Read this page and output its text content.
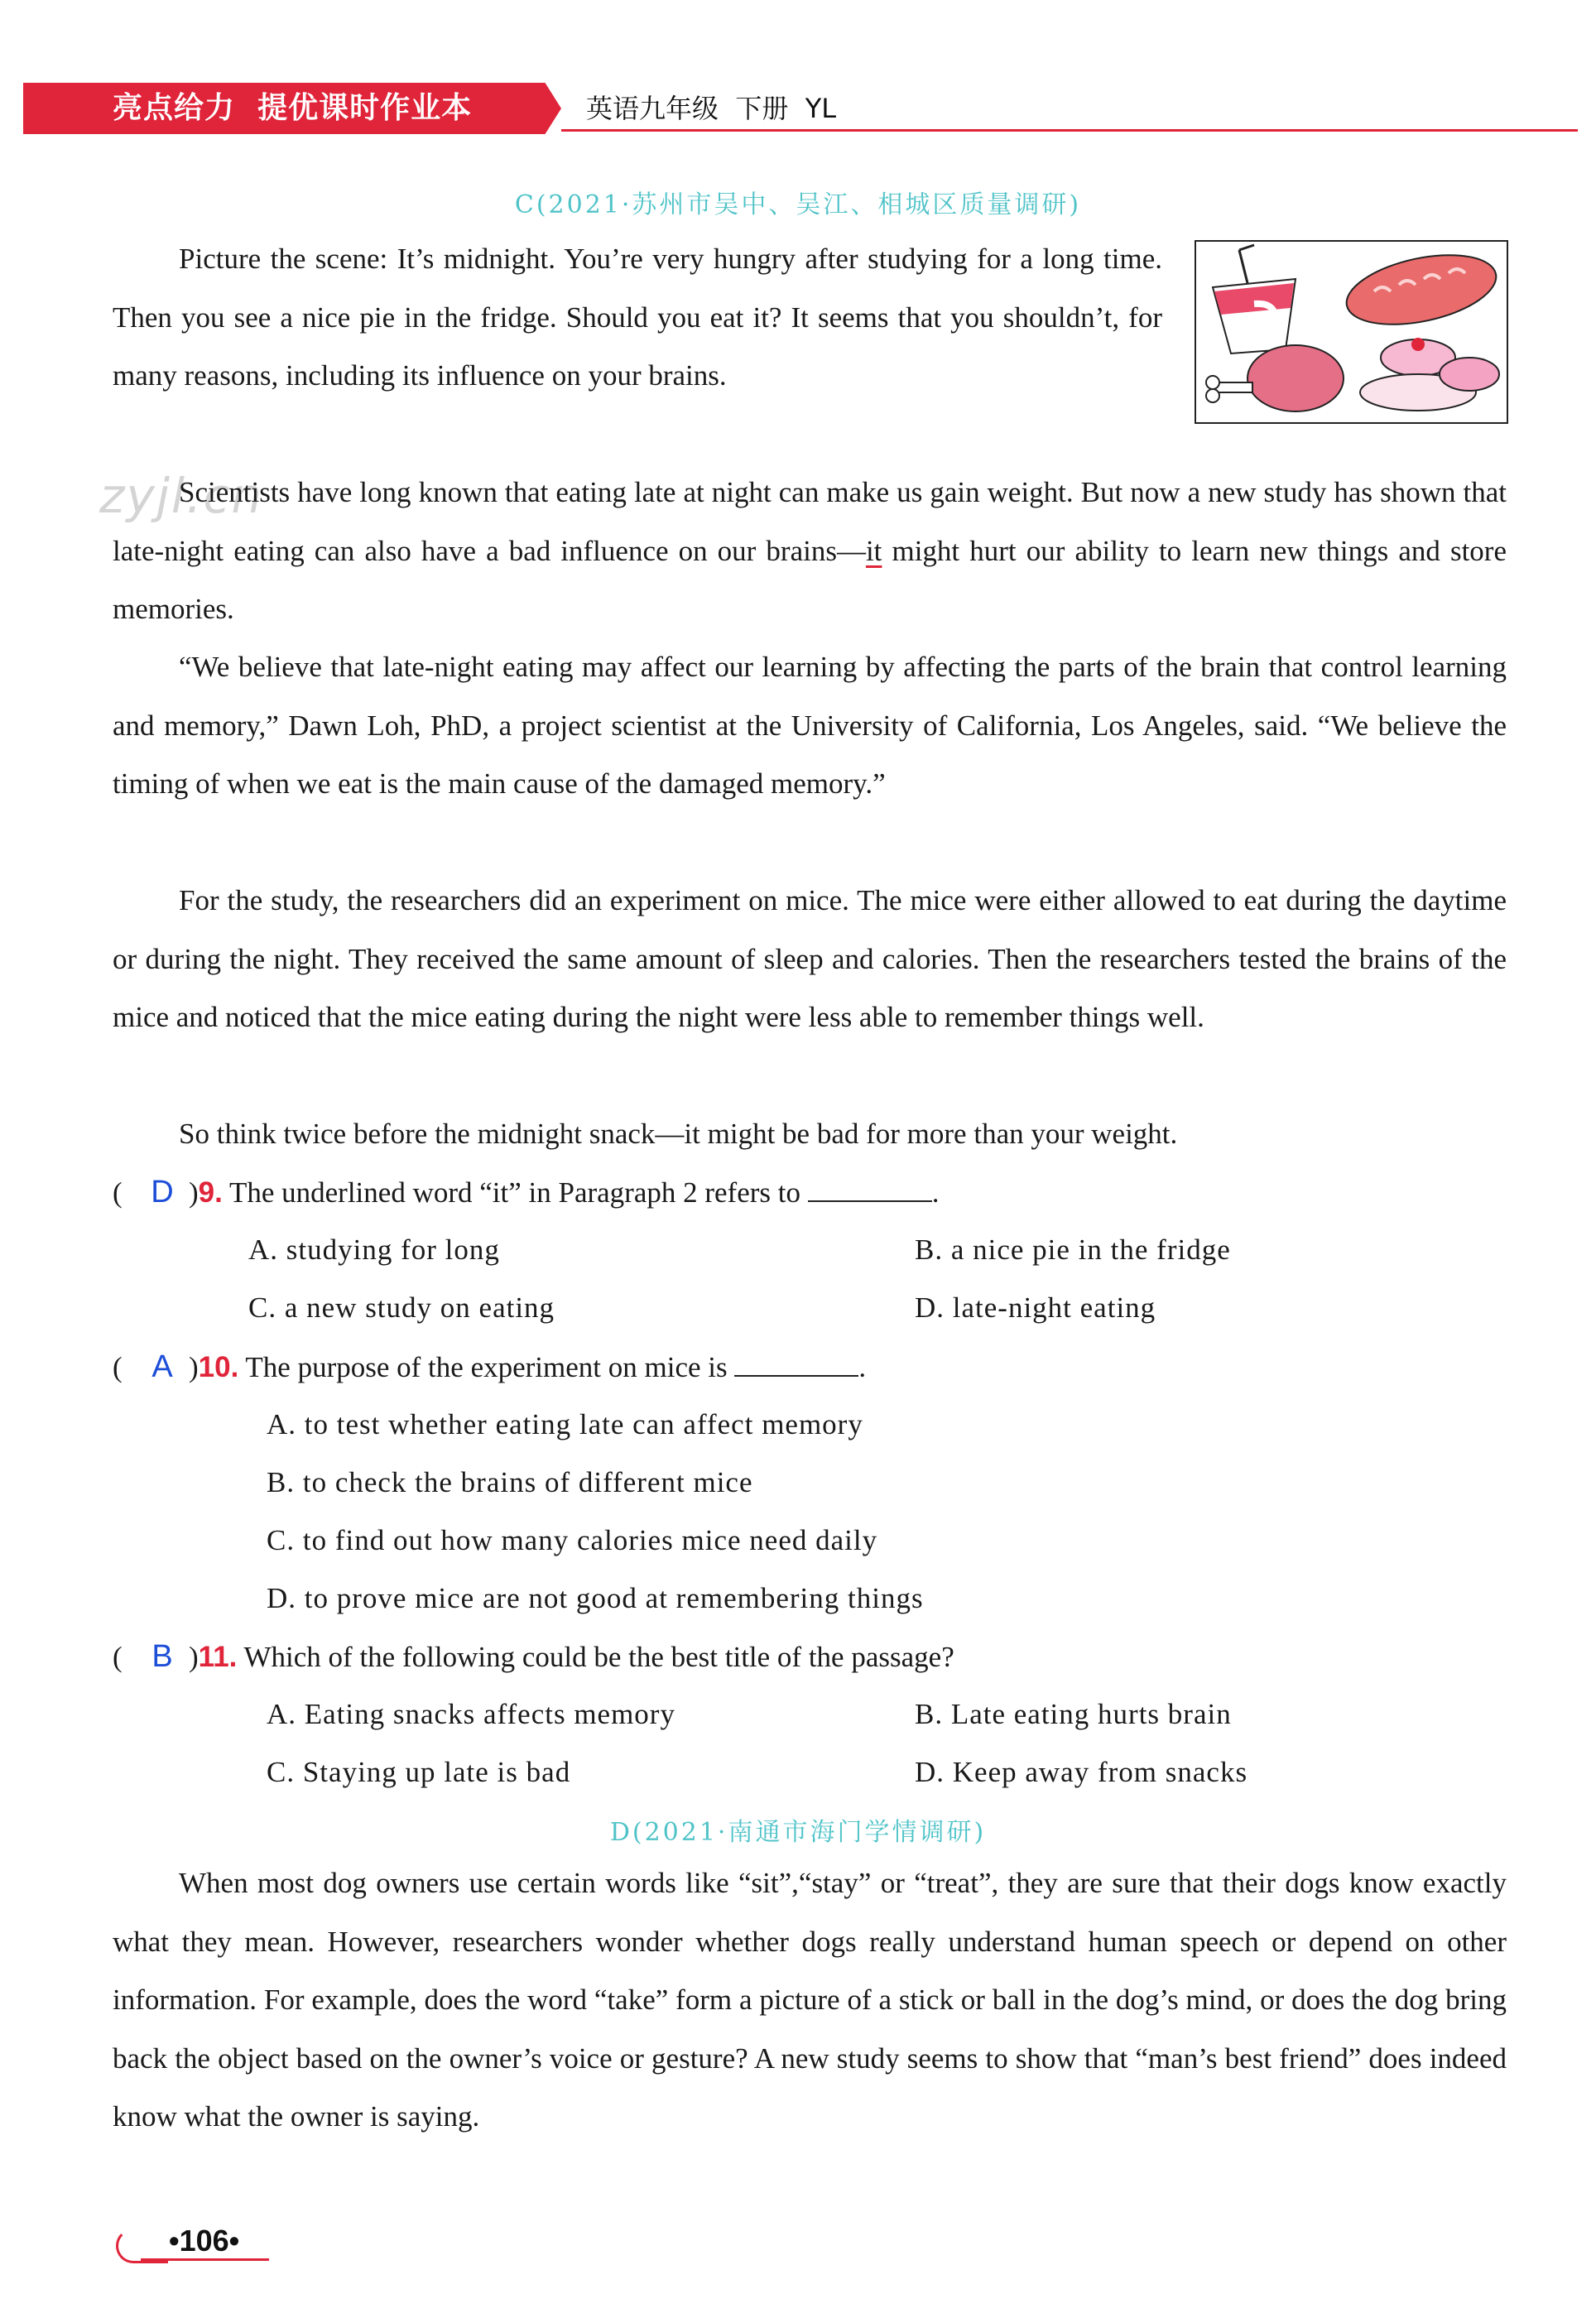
亮点给力  提优课时作业本	英语九年级  下册  YL
C(2021·苏州市吴中、吴江、相城区质量调研)

Picture the scene: It’s midnight. You’re very hungry after studying for a long time. Then you see a nice pie in the fridge. Should you eat it? It seems that you shouldn’t, for many reasons, including its influence on your brains.

zyjl.cn

Scientists have long known that eating late at night can make us gain weight. But now a new study has shown that late-night eating can also have a bad influence on our brains—it might hurt our ability to learn new things and store memories.

“We believe that late-night eating may affect our learning by affecting the parts of the brain that control learning and memory,” Dawn Loh, PhD, a project scientist at the University of California, Los Angeles, said. “We believe the timing of when we eat is the main cause of the damaged memory.”

For the study, the researchers did an experiment on mice. The mice were either allowed to eat during the daytime or during the night. They received the same amount of sleep and calories. Then the researchers tested the brains of the mice and noticed that the mice eating during the night were less able to remember things well.

So think twice before the midnight snack—it might be bad for more than your weight.

( D )9. The underlined word “it” in Paragraph 2 refers to	.
A. studying for long	B. a nice pie in the fridge
C. a new study on eating	D. late-night eating
( A )10. The purpose of the experiment on mice is	.
A. to test whether eating late can affect memory
B. to check the brains of different mice
C. to find out how many calories mice need daily
D. to prove mice are not good at remembering things
( B )11. Which of the following could be the best title of the passage?
A. Eating snacks affects memory	B. Late eating hurts brain
C. Staying up late is bad	D. Keep away from snacks
D(2021·南通市海门学情调研)

When most dog owners use certain words like “sit”,“stay” or “treat”, they are sure that their dogs know exactly what they mean. However, researchers wonder whether dogs really understand human speech or depend on other information. For example, does the word “take” form a picture of a stick or ball in the dog’s mind, or does the dog bring back the object based on the owner’s voice or gesture? A new study seems to show that “man’s best friend” does indeed know what the owner is saying.

•106•
